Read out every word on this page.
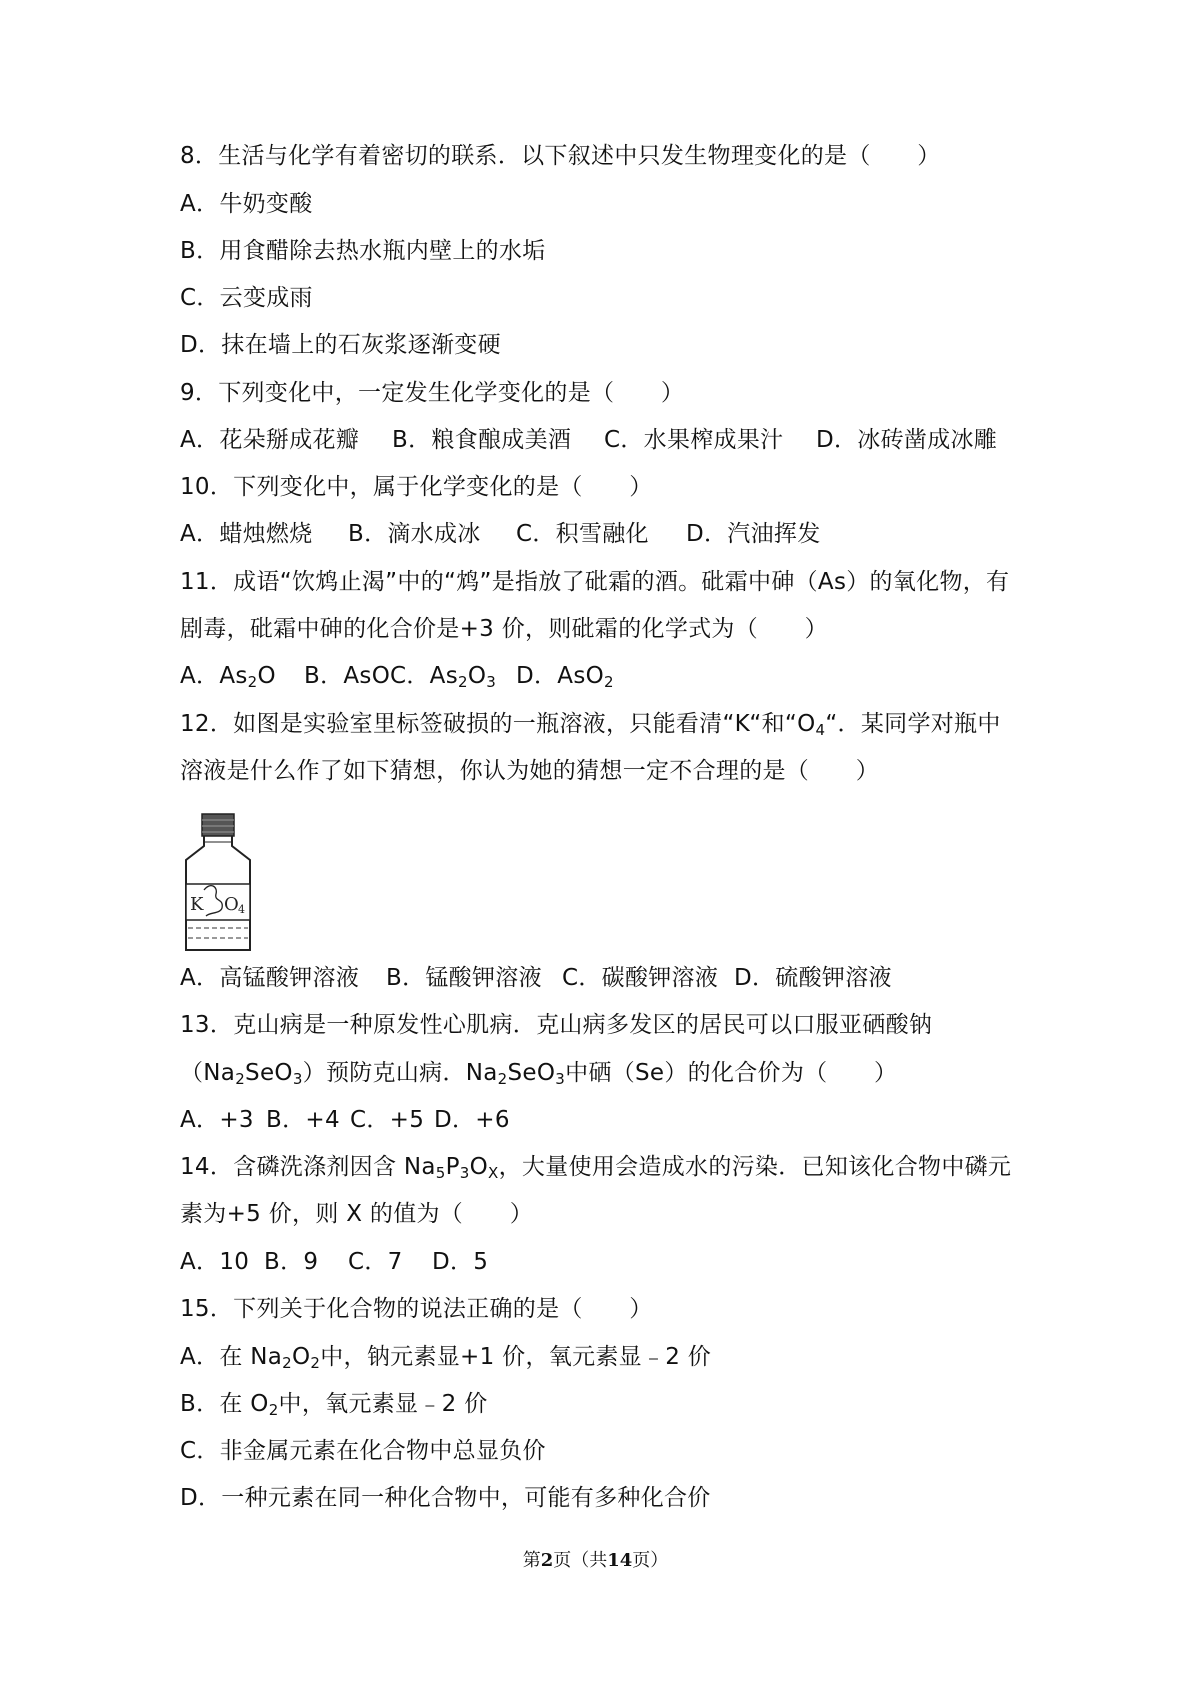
8．生活与化学有着密切的联系．以下叙述中只发生物理变化的是（　　）
A．牛奶变酸
B．用食醋除去热水瓶内壁上的水垢
C．云变成雨
D．抹在墙上的石灰浆逐渐变硬
9．下列变化中，一定发生化学变化的是（　　）
A．花朵掰成花瓣 B．粮食酿成美酒 C．水果榨成果汁 D．冰砖凿成冰雕
10．下列变化中，属于化学变化的是（　　）
A．蜡烛燃烧 B．滴水成冰 C．积雪融化 D．汽油挥发
11．成语“饮鸩止渴”中的“鸩”是指放了砒霜的酒。砒霜中砷（As）的氧化物，有
剧毒，砒霜中砷的化合价是+3 价，则砒霜的化学式为（　　）
A．$As_2O$ B．AsOC．$As_2O_3$ D．AsO$_2$
12．如图是实验室里标签破损的一瓶溶液，只能看清“K“和“$O_4“$．某同学对瓶中
溶液是什么作了如下猜想，你认为她的猜想一定不合理的是（　　）
K O 4
A．高锰酸钾溶液 B．锰酸钾溶液 C．碳酸钾溶液 D．硫酸钾溶液
13．克山病是一种原发性心肌病．克山病多发区的居民可以口服亚硒酸钠
$(Na_2SeO_3)$预防克山病．$Na_2SeO_3$中硒（Se）的化合价为（　　）
A．+3 B．+4 C．+5 D．+6
14．含磷洗涤剂因含 $Na_5P_3O_X$，大量使用会造成水的污染．已知该化合物中磷元
素为+5 价，则 X 的值为（　　）
A．10 B．9 C．7 D．5
15．下列关于化合物的说法正确的是（　　）
A．在 $Na_2O_2$中，钠元素显+1 价，氧元素显﹣2 价
B．在 $O_2$中，氧元素显﹣2 价
C．非金属元素在化合物中总显负价
D．一种元素在同一种化合物中，可能有多种化合价
第2页（共14页）
